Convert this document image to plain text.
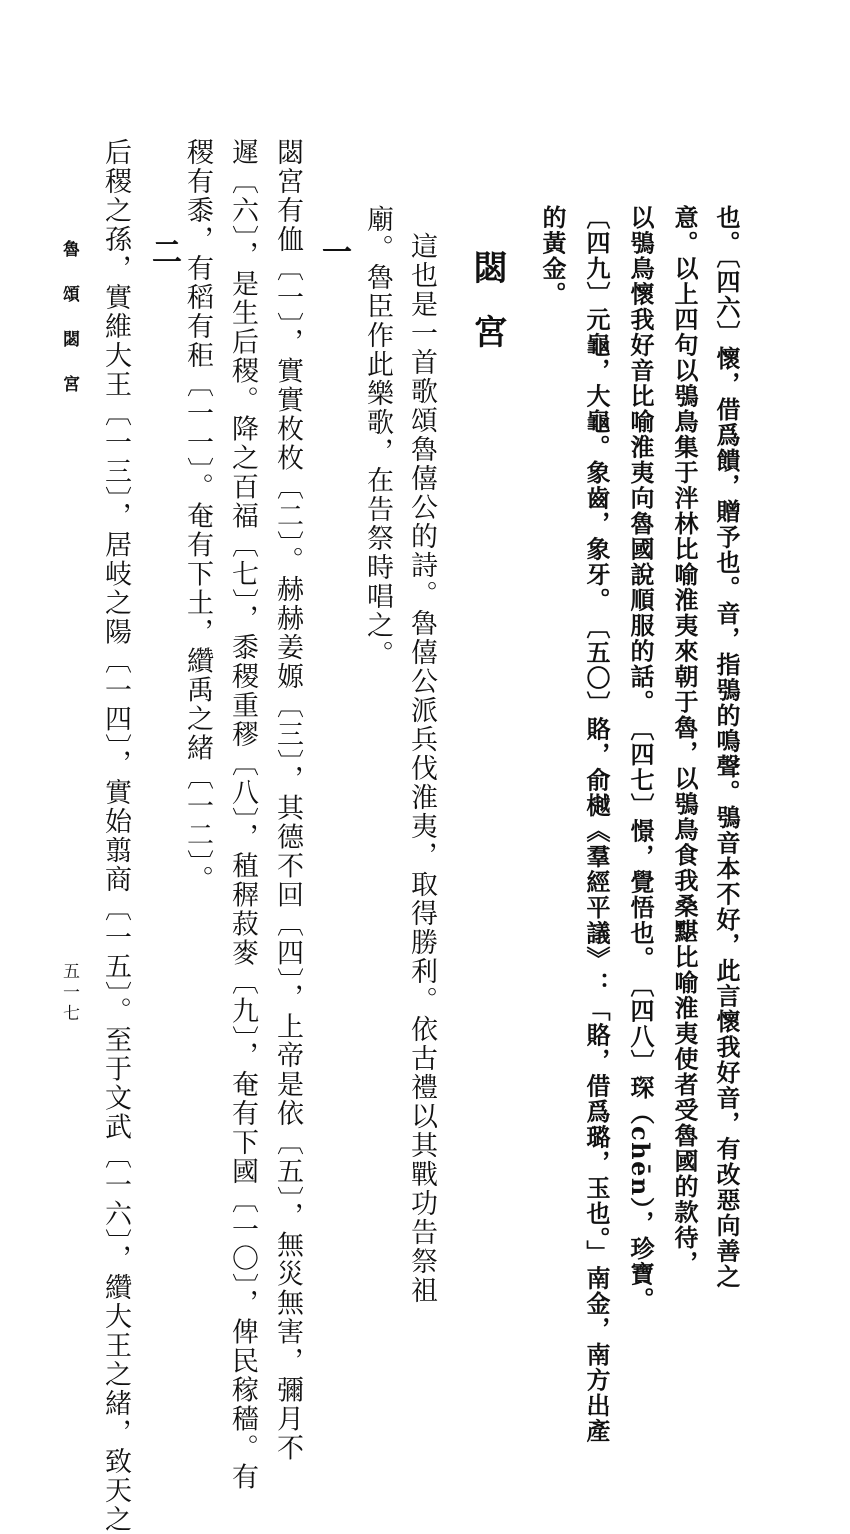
也。〔四六〕懷，借爲饋，贈予也。音，指鴞的鳴聲。鴞音本不好，此言懷我好音，有改惡向善之
意。以上四句以鴞鳥集于泮林比喻淮夷來朝于魯，以鴞鳥食我桑黮比喻淮夷使者受魯國的款待，
以鴞鳥懷我好音比喻淮夷向魯國說順服的話。　〔四七〕憬，覺悟也。　〔四八〕琛（chēn），珍寶。
〔四九〕元龜，大龜。象齒，象牙。　〔五〇〕賂，俞樾《羣經平議》：「賂，借爲璐，玉也。」南金，南方出產
的黃金。
閟宮
這也是一首歌頌魯僖公的詩。魯僖公派兵伐淮夷，取得勝利。依古禮以其戰功告祭祖
廟。魯臣作此樂歌，在告祭時唱之。
一
閟宮有侐〔一〕，實實枚枚〔二〕。赫赫姜嫄〔三〕，其德不回〔四〕，上帝是依〔五〕，無災無害，彌月不
遲〔六〕，是生后稷。降之百福〔七〕，黍稷重穋〔八〕，稙稺菽麥〔九〕，奄有下國〔一〇〕，俾民稼穡。有
稷有黍，有稻有秬〔一一〕。奄有下土，纘禹之緒〔一二〕。
二
后稷之孫，實維大王〔一三〕，居岐之陽〔一四〕，實始翦商〔一五〕。至于文武〔一六〕，纘大王之緒，致天之
魯頌閟宮
五一七
